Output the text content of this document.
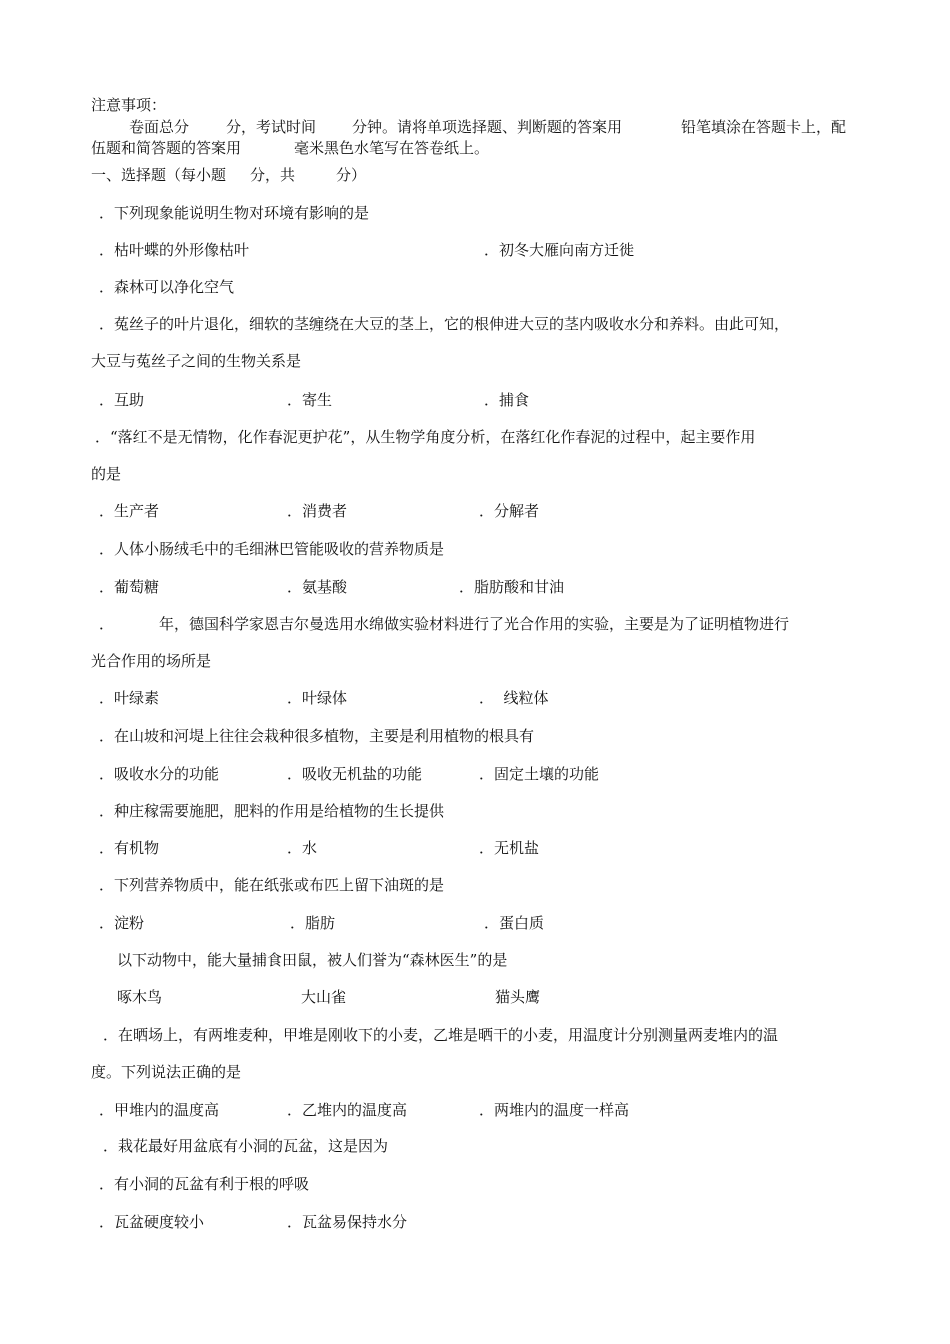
注意事项：
卷面总分 分，考试时间 分钟。请将单项选择题、判断题的答案用	铅笔填涂在答题卡上，配
伍题和简答题的答案用	毫米黑色水笔写在答卷纸上。
一、选择题（每小题 分，共	分）
．下列现象能说明生物对环境有影响的是
．枯叶蝶的外形像枯叶	．初冬大雁向南方迁徙
．森林可以净化空气
．菟丝子的叶片退化，细软的茎缠绕在大豆的茎上，它的根伸进大豆的茎内吸收水分和养料。由此可知，
大豆与菟丝子之间的生物关系是
．互助	．寄生	．捕食
．“落红不是无情物，化作春泥更护花”，从生物学角度分析，在落红化作春泥的过程中，起主要作用
的是
．生产者	．消费者	．分解者
．人体小肠绒毛中的毛细淋巴管能吸收的营养物质是
．葡萄糖	．氨基酸	．脂肪酸和甘油
．	年，德国科学家恩吉尔曼选用水绵做实验材料进行了光合作用的实验，主要是为了证明植物进行
光合作用的场所是
．叶绿素	．叶绿体	．  线粒体
．在山坡和河堤上往往会栽种很多植物，主要是利用植物的根具有
．吸收水分的功能	．吸收无机盐的功能	．固定土壤的功能
．种庄稼需要施肥，肥料的作用是给植物的生长提供
．有机物	．水	．无机盐
．下列营养物质中，能在纸张或布匹上留下油斑的是
．淀粉	．脂肪	．蛋白质
以下动物中，能大量捕食田鼠，被人们誉为“森林医生”的是
啄木鸟	大山雀	猫头鹰
．在晒场上，有两堆麦种，甲堆是刚收下的小麦，乙堆是晒干的小麦，用温度计分别测量两麦堆内的温
度。下列说法正确的是
．甲堆内的温度高	．乙堆内的温度高	．两堆内的温度一样高
．栽花最好用盆底有小洞的瓦盆，这是因为
．有小洞的瓦盆有利于根的呼吸
．瓦盆硬度较小	．瓦盆易保持水分
